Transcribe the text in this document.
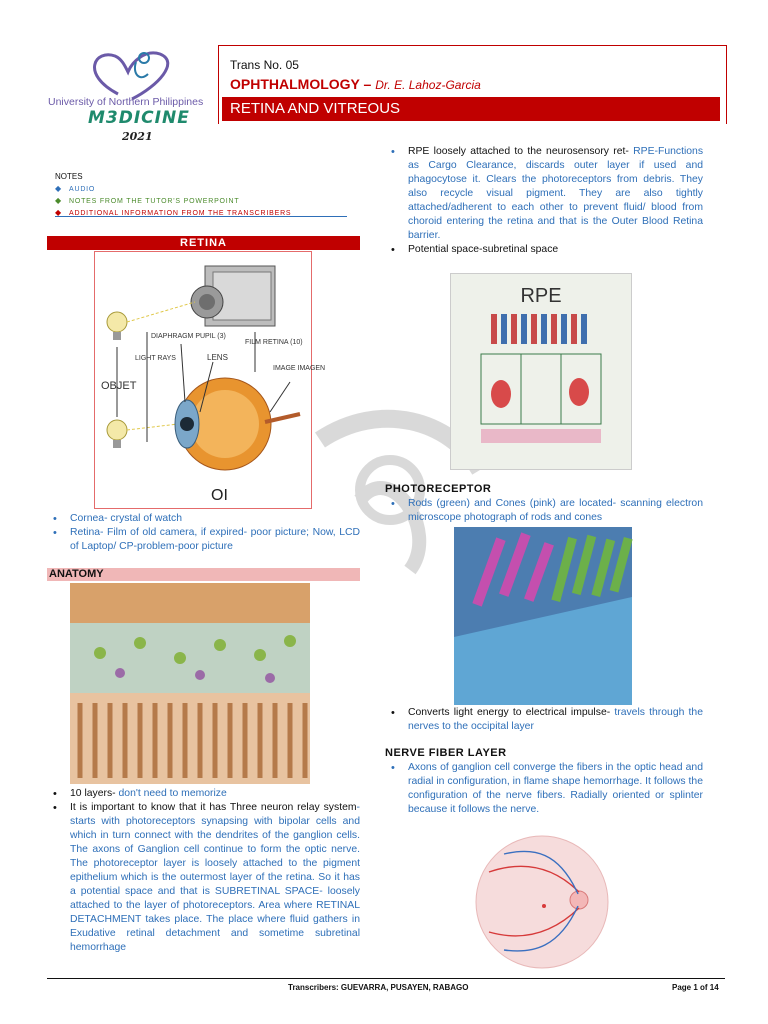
University of Northern Philippines
M3DICINE
2021
Trans No. 05
OPHTHALMOLOGY – Dr. E. Lahoz-Garcia
RETINA AND VITREOUS
NOTES
◆ AUDIO
◆ NOTES FROM THE TUTOR'S POWERPOINT
◆ ADDITIONAL INFORMATION FROM THE TRANSCRIBERS
RETINA
OBJET
LIGHT RAYS
DIAPHRAGM PUPIL (3)
LENS
FILM RETINA (10)
IMAGE IMAGEN
OI
• Cornea- crystal of watch
• Retina- Film of old camera, if expired- poor picture; Now, LCD of Laptop/ CP-problem-poor picture
ANATOMY
• 10 layers- don't need to memorize
• It is important to know that it has Three neuron relay system- starts with photoreceptors synapsing with bipolar cells and which in turn connect with the dendrites of the ganglion cells. The axons of Ganglion cell continue to form the optic nerve. The photoreceptor layer is loosely attached to the pigment epithelium which is the outermost layer of the retina. So it has a potential space and that is SUBRETINAL SPACE- loosely attached to the layer of photoreceptors. Area where RETINAL DETACHMENT takes place. The place where fluid gathers in Exudative retinal detachment and sometime subretinal hemorrhage
• RPE loosely attached to the neurosensory ret- RPE-Functions as Cargo Clearance, discards outer layer if used and phagocytose it. Clears the photoreceptors from debris. They also recycle visual pigment. They are also tightly attached/adherent to each other to prevent fluid/ blood from choroid entering the retina and that is the Outer Blood Retina barrier.
• Potential space-subretinal space
RPE
PHOTORECEPTOR
• Rods (green) and Cones (pink) are located- scanning electron microscope photograph of rods and cones
• Converts light energy to electrical impulse- travels through the nerves to the occipital layer
NERVE FIBER LAYER
• Axons of ganglion cell converge the fibers in the optic head and radial in configuration, in flame shape hemorrhage. It follows the configuration of the nerve fibers. Radially oriented or splinter because it follows the nerve.
Transcribers: GUEVARRA, PUSAYEN, RABAGO	Page 1 of 14
